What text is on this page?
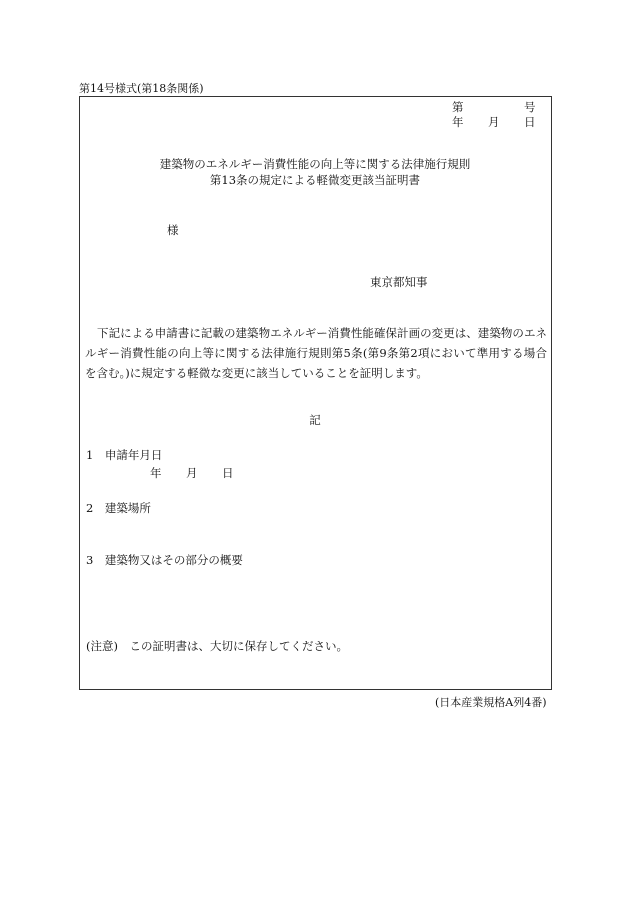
第14号様式(第18条関係)
第	号
年 月 日
建築物のエネルギー消費性能の向上等に関する法律施行規則
第13条の規定による軽微変更該当証明書
様
東京都知事
下記による申請書に記載の建築物エネルギー消費性能確保計画の変更は、建築物のエネルギー消費性能の向上等に関する法律施行規則第5条(第9条第2項において準用する場合を含む。)に規定する軽微な変更に該当していることを証明します。
記
1　申請年月日
年 月 日
2　建築場所
3　建築物又はその部分の概要
(注意)　この証明書は、大切に保存してください。
(日本産業規格A列4番)
